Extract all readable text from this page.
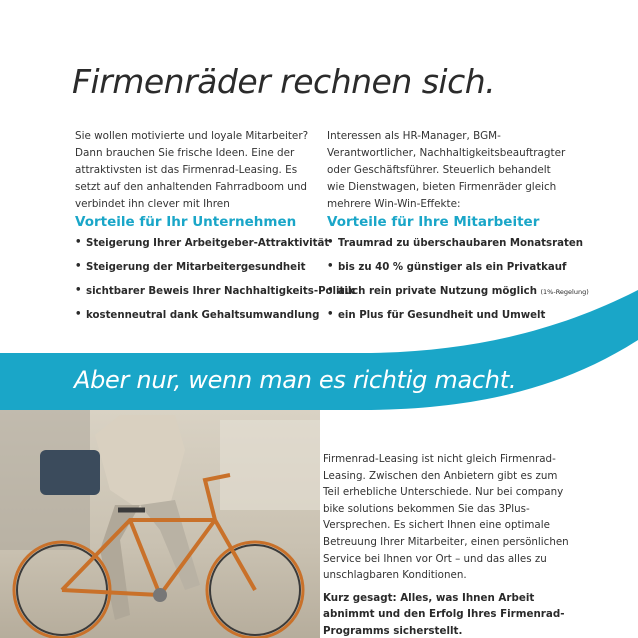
Firmenräder rechnen sich.
Sie wollen motivierte und loyale Mitarbeiter? Dann brauchen Sie frische Ideen. Eine der attraktivsten ist das Firmenrad-Leasing. Es setzt auf den anhaltenden Fahrradboom und verbindet ihn clever mit Ihren
Interessen als HR-Manager, BGM-Verantwortlicher, Nachhaltigkeitsbeauftragter oder Geschäftsführer. Steuerlich behandelt wie Dienstwagen, bieten Firmenräder gleich mehrere Win-Win-Effekte:
Vorteile für Ihr Unternehmen Vorteile für Ihre Mitarbeiter
• Steigerung Ihrer Arbeitgeber-Attraktivität
• Steigerung der Mitarbeitergesundheit
• sichtbarer Beweis Ihrer Nachhaltigkeits-Politik
• kostenneutral dank Gehaltsumwandlung
• Traumrad zu überschaubaren Monatsraten
• bis zu 40 % günstiger als ein Privatkauf
• auch rein private Nutzung möglich (1%-Regelung)
• ein Plus für Gesundheit und Umwelt
Aber nur, wenn man es richtig macht.

Firmenrad-Leasing ist nicht gleich Firmenrad-Leasing. Zwischen den Anbietern gibt es zum Teil erhebliche Unterschiede. Nur bei company bike solutions bekommen Sie das 3Plus-Versprechen. Es sichert Ihnen eine optimale Betreuung Ihrer Mitarbeiter, einen persönlichen Service bei Ihnen vor Ort – und das alles zu unschlagbaren Konditionen.

Kurz gesagt: Alles, was Ihnen Arbeit abnimmt und den Erfolg Ihres Firmenrad-Programms sicherstellt.
